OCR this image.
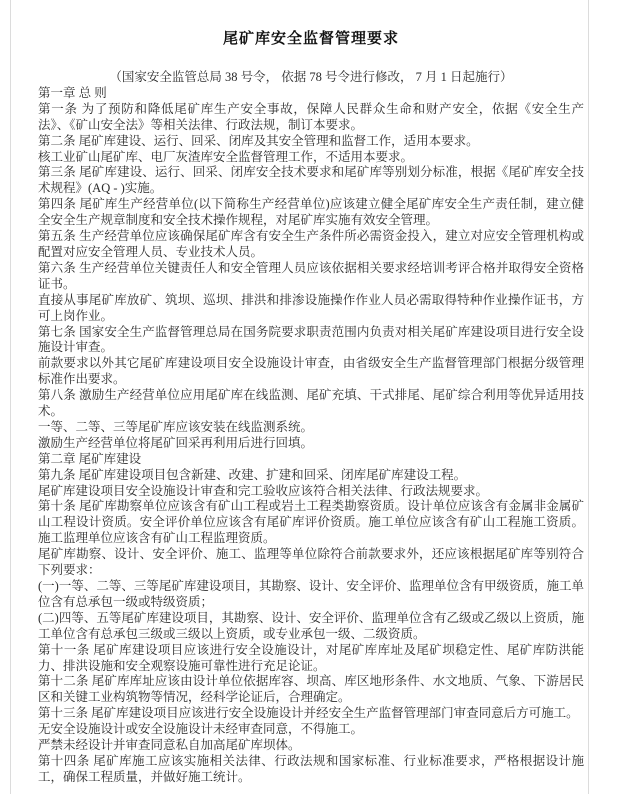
尾矿库安全监督管理要求

（国家安全监管总局 38 号令， 依据 78 号令进行修改， 7 月 1 日起施行）

第一章 总 则

第一条 为了预防和降低尾矿库生产安全事故，保障人民群众生命和财产安全，依据《安全生产法》、《矿山安全法》等相关法律、行政法规，制订本要求。

第二条 尾矿库建设、运行、回采、闭库及其安全管理和监督工作，适用本要求。

核工业矿山尾矿库、电厂灰渣库安全监督管理工作，不适用本要求。

第三条 尾矿库建设、运行、回采、闭库安全技术要求和尾矿库等别划分标准，根据《尾矿库安全技术规程》(AQ - )实施。

第四条 尾矿库生产经营单位(以下简称生产经营单位)应该建立健全尾矿库安全生产责任制，建立健全安全生产规章制度和安全技术操作规程，对尾矿库实施有效安全管理。

第五条 生产经营单位应该确保尾矿库含有安全生产条件所必需资金投入，建立对应安全管理机构或配置对应安全管理人员、专业技术人员。

第六条 生产经营单位关键责任人和安全管理人员应该依据相关要求经培训考评合格并取得安全资格证书。

直接从事尾矿库放矿、筑坝、巡坝、排洪和排渗设施操作作业人员必需取得特种作业操作证书，方可上岗作业。

第七条 国家安全生产监督管理总局在国务院要求职责范围内负责对相关尾矿库建设项目进行安全设施设计审查。

前款要求以外其它尾矿库建设项目安全设施设计审查，由省级安全生产监督管理部门根据分级管理标准作出要求。

第八条 激励生产经营单位应用尾矿库在线监测、尾矿充填、干式排尾、尾矿综合利用等优异适用技术。

一等、二等、三等尾矿库应该安装在线监测系统。

激励生产经营单位将尾矿回采再利用后进行回填。

第二章 尾矿库建设

第九条 尾矿库建设项目包含新建、改建、扩建和回采、闭库尾矿库建设工程。

尾矿库建设项目安全设施设计审查和完工验收应该符合相关法律、行政法规要求。

第十条 尾矿库勘察单位应该含有矿山工程或岩土工程类勘察资质。设计单位应该含有金属非金属矿山工程设计资质。安全评价单位应该含有尾矿库评价资质。施工单位应该含有矿山工程施工资质。施工监理单位应该含有矿山工程监理资质。

尾矿库勘察、设计、安全评价、施工、监理等单位除符合前款要求外，还应该根据尾矿库等别符合下列要求：

(一)一等、二等、三等尾矿库建设项目，其勘察、设计、安全评价、监理单位含有甲级资质，施工单位含有总承包一级或特级资质；

(二)四等、五等尾矿库建设项目，其勘察、设计、安全评价、监理单位含有乙级或乙级以上资质，施工单位含有总承包三级或三级以上资质，或专业承包一级、二级资质。

第十一条 尾矿库建设项目应该进行安全设施设计，对尾矿库库址及尾矿坝稳定性、尾矿库防洪能力、排洪设施和安全观察设施可靠性进行充足论证。

第十二条 尾矿库库址应该由设计单位依据库容、坝高、库区地形条件、水文地质、气象、下游居民区和关键工业构筑物等情况，经科学论证后，合理确定。

第十三条 尾矿库建设项目应该进行安全设施设计并经安全生产监督管理部门审查同意后方可施工。

无安全设施设计或安全设施设计未经审查同意，不得施工。

严禁未经设计并审查同意私自加高尾矿库坝体。

第十四条 尾矿库施工应该实施相关法律、行政法规和国家标准、行业标准要求，严格根据设计施工，确保工程质量，并做好施工统计。
